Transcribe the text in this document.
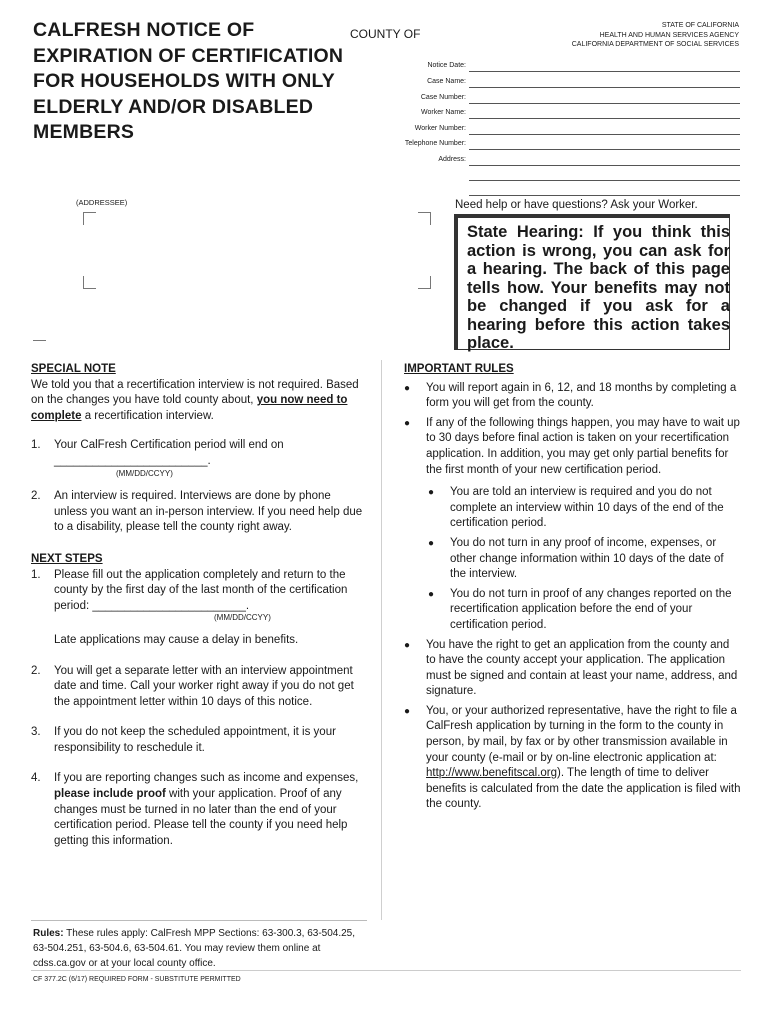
CALFRESH NOTICE OF EXPIRATION OF CERTIFICATION FOR HOUSEHOLDS WITH ONLY ELDERLY AND/OR DISABLED MEMBERS
COUNTY OF
STATE OF CALIFORNIA
HEALTH AND HUMAN SERVICES AGENCY
CALIFORNIA DEPARTMENT OF SOCIAL SERVICES
Notice Date:
Case Name:
Case Number:
Worker Name:
Worker Number:
Telephone Number:
Address:
(ADDRESSEE)	Need help or have questions? Ask your Worker.
State Hearing: If you think this action is wrong, you can ask for a hearing. The back of this page tells how. Your benefits may not be changed if you ask for a hearing before this action takes place.
SPECIAL NOTE
We told you that a recertification interview is not required. Based on the changes you have told county about, you now need to complete a recertification interview.
1. Your CalFresh Certification period will end on
________________________.
(MM/DD/CCYY)
2. An interview is required. Interviews are done by phone unless you want an in-person interview. If you need help due to a disability, please tell the county right away.
NEXT STEPS
1. Please fill out the application completely and return to the county by the first day of the last month of the certification period: ________________________.
(MM/DD/CCYY)
Late applications may cause a delay in benefits.
2. You will get a separate letter with an interview appointment date and time. Call your worker right away if you do not get the appointment letter within 10 days of this notice.
3. If you do not keep the scheduled appointment, it is your responsibility to reschedule it.
4. If you are reporting changes such as income and expenses, please include proof with your application. Proof of any changes must be turned in no later than the end of your certification period. Please tell the county if you need help getting this information.
IMPORTANT RULES
● You will report again in 6, 12, and 18 months by completing a form you will get from the county.
● If any of the following things happen, you may have to wait up to 30 days before final action is taken on your recertification application. In addition, you may get only partial benefits for the first month of your new certification period.
● You are told an interview is required and you do not complete an interview within 10 days of the end of the certification period.
● You do not turn in any proof of income, expenses, or other change information within 10 days of the date of the interview.
● You do not turn in proof of any changes reported on the recertification application before the end of your certification period.
● You have the right to get an application from the county and to have the county accept your application. The application must be signed and contain at least your name, address, and signature.
● You, or your authorized representative, have the right to file a CalFresh application by turning in the form to the county in person, by mail, by fax or by other transmission available in your county (e-mail or by on-line electronic application at: http://www.benefitscal.org). The length of time to deliver benefits is calculated from the date the application is filed with the county.
Rules: These rules apply: CalFresh MPP Sections: 63-300.3, 63-504.25, 63-504.251, 63-504.6, 63-504.61. You may review them online at cdss.ca.gov or at your local county office.
CF 377.2C (6/17) REQUIRED FORM - SUBSTITUTE PERMITTED
